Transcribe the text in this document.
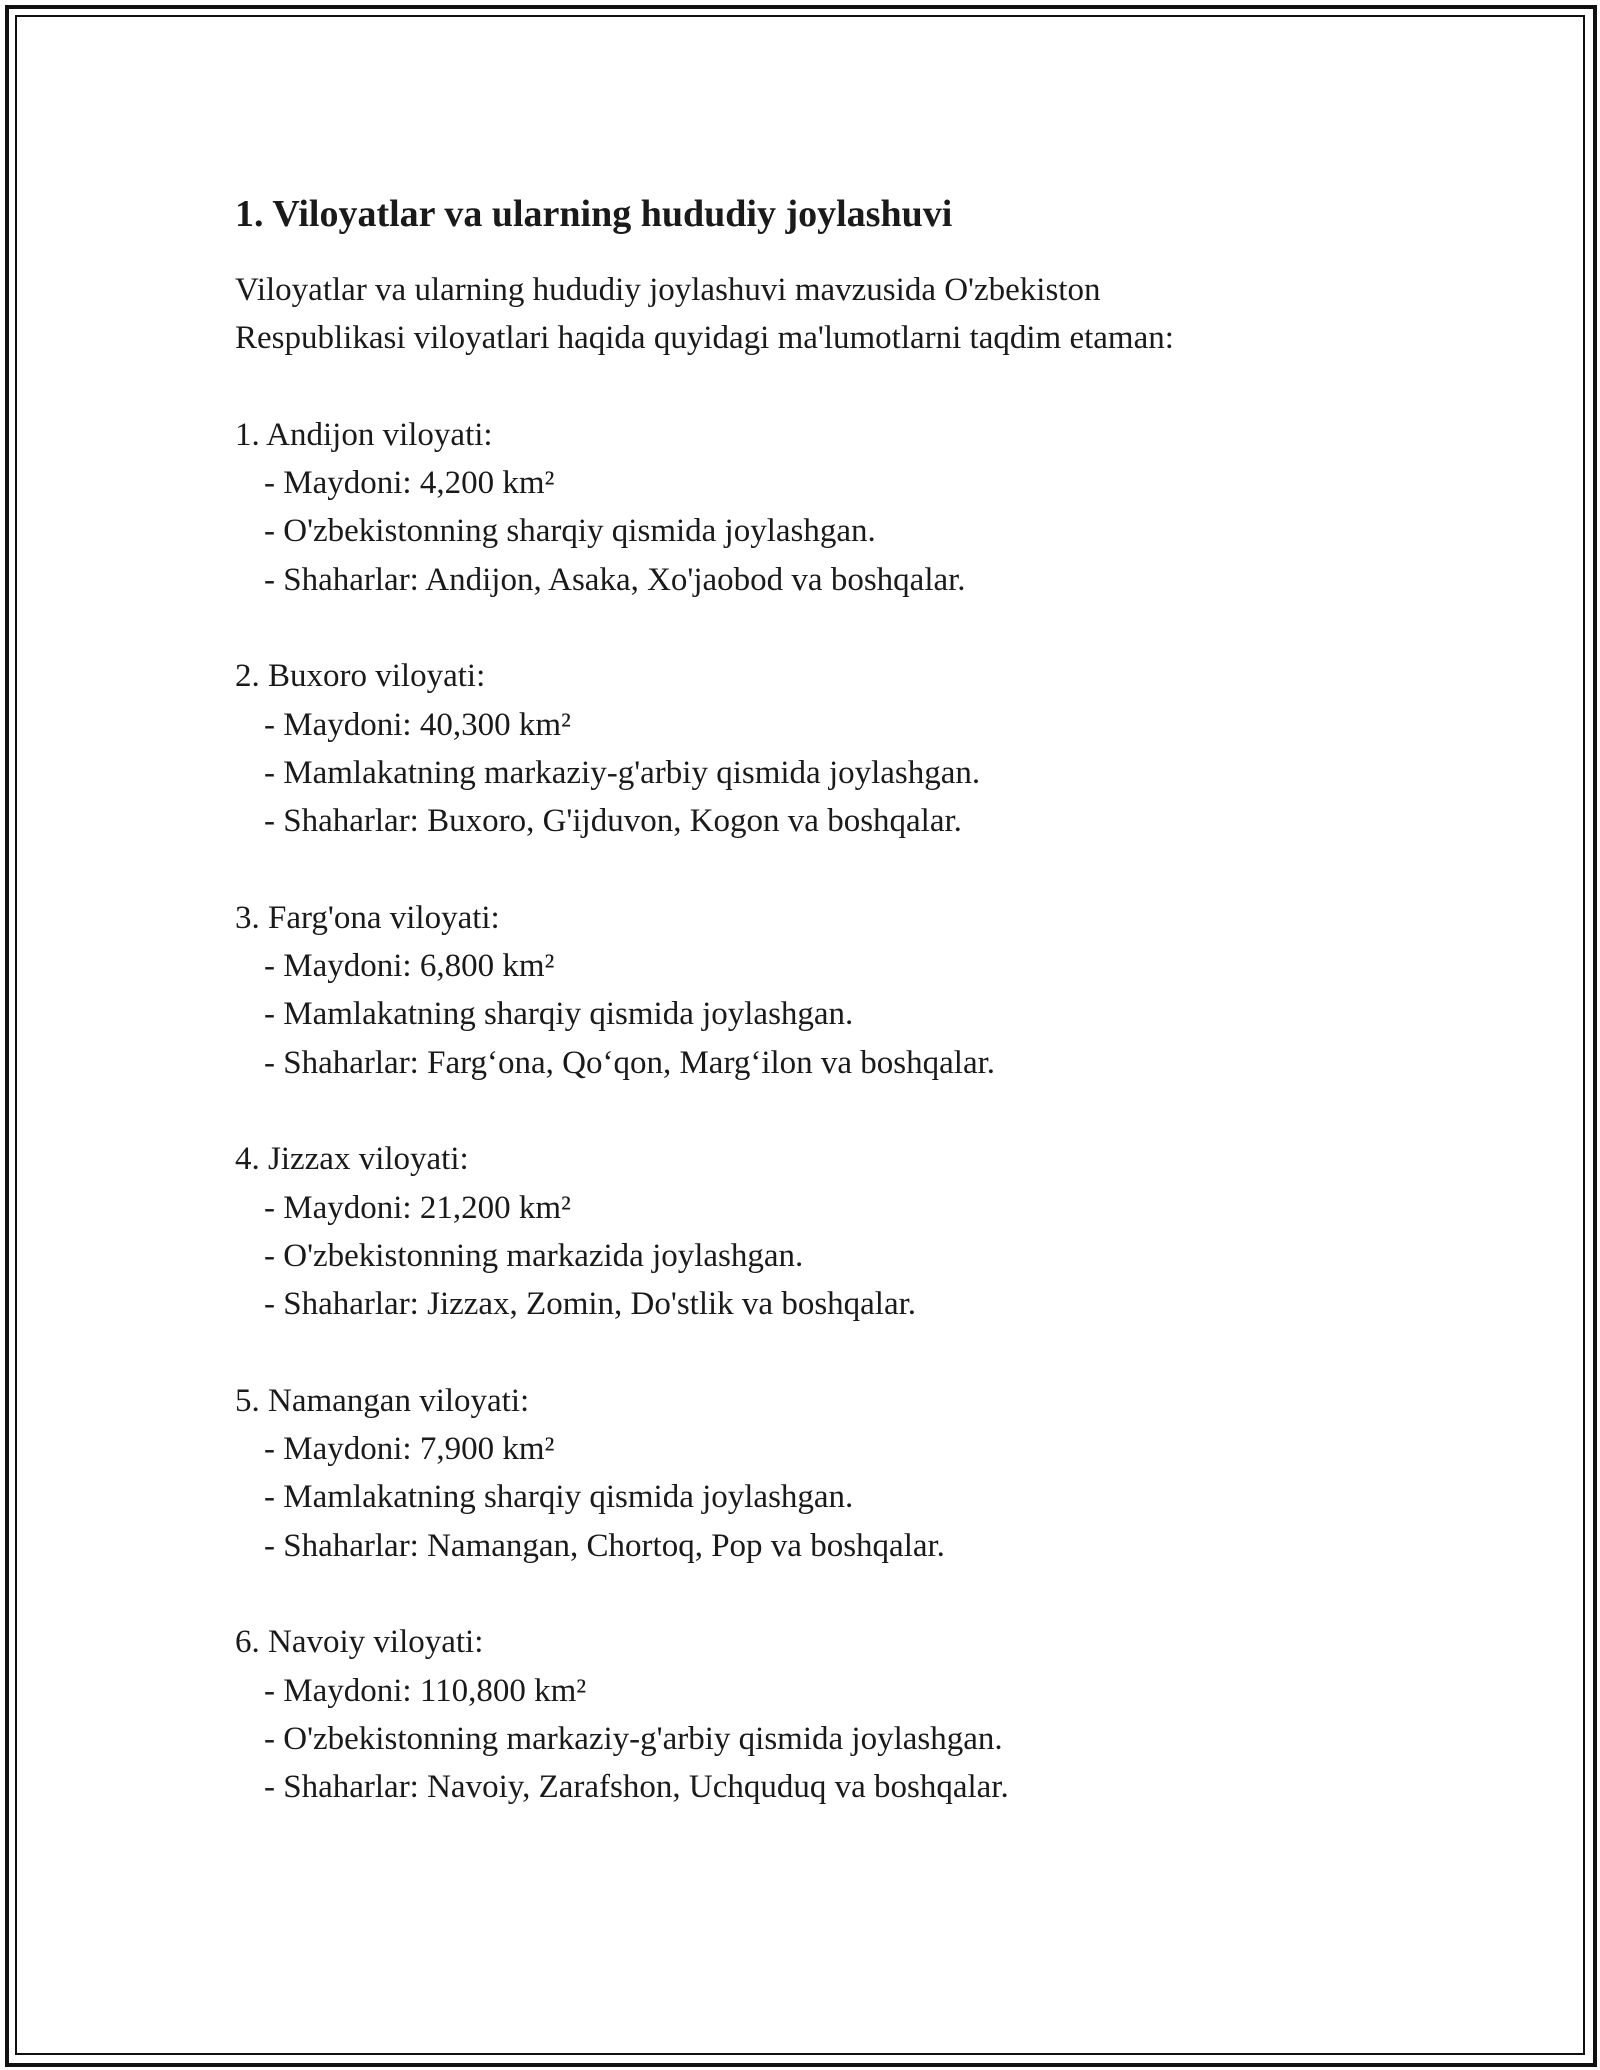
1. Viloyatlar va ularning hududiy joylashuvi

Viloyatlar va ularning hududiy joylashuvi mavzusida O'zbekiston
Respublikasi viloyatlari haqida quyidagi ma'lumotlarni taqdim etaman:

1. Andijon viloyati:
- Maydoni: 4,200 km²
- O'zbekistonning sharqiy qismida joylashgan.
- Shaharlar: Andijon, Asaka, Xo'jaobod va boshqalar.
2. Buxoro viloyati:
- Maydoni: 40,300 km²
- Mamlakatning markaziy-g'arbiy qismida joylashgan.
- Shaharlar: Buxoro, G'ijduvon, Kogon va boshqalar.
3. Farg'ona viloyati:
- Maydoni: 6,800 km²
- Mamlakatning sharqiy qismida joylashgan.
- Shaharlar: Farg‘ona, Qo‘qon, Marg‘ilon va boshqalar.
4. Jizzax viloyati:
- Maydoni: 21,200 km²
- O'zbekistonning markazida joylashgan.
- Shaharlar: Jizzax, Zomin, Do'stlik va boshqalar.
5. Namangan viloyati:
- Maydoni: 7,900 km²
- Mamlakatning sharqiy qismida joylashgan.
- Shaharlar: Namangan, Chortoq, Pop va boshqalar.
6. Navoiy viloyati:
- Maydoni: 110,800 km²
- O'zbekistonning markaziy-g'arbiy qismida joylashgan.
- Shaharlar: Navoiy, Zarafshon, Uchquduq va boshqalar.
